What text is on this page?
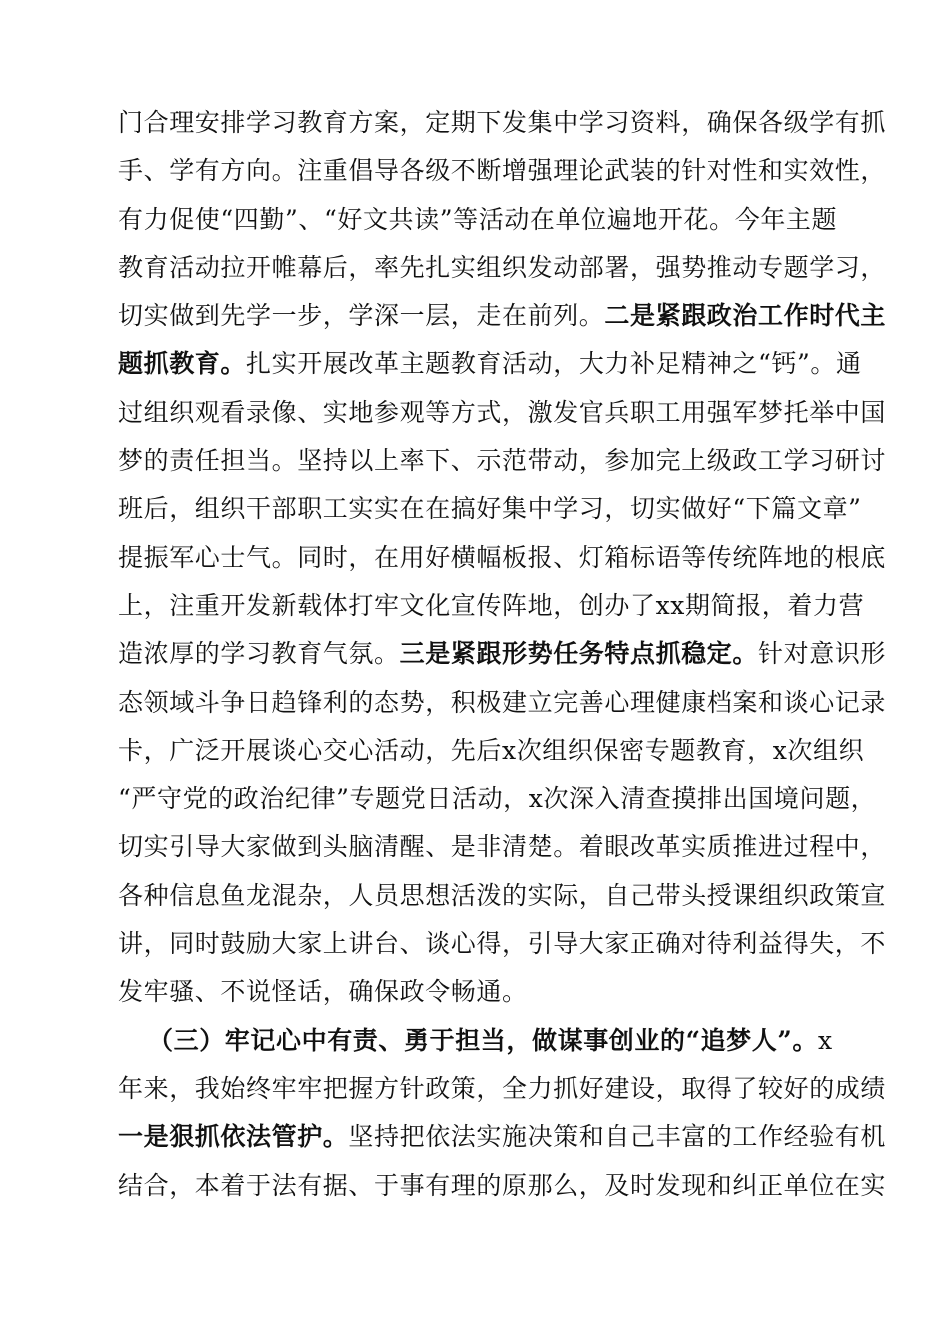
门合理安排学习教育方案，定期下发集中学习资料，确保各级学有抓
手、学有方向。注重倡导各级不断增强理论武装的针对性和实效性，
有力促使“四勤”、“好文共读”等活动在单位遍地开花。今年主题
教育活动拉开帷幕后，率先扎实组织发动部署，强势推动专题学习，
切实做到先学一步，学深一层，走在前列。二是紧跟政治工作时代主
题抓教育。扎实开展改革主题教育活动，大力补足精神之“钙”。通
过组织观看录像、实地参观等方式，激发官兵职工用强军梦托举中国
梦的责任担当。坚持以上率下、示范带动，参加完上级政工学习研讨
班后，组织干部职工实实在在搞好集中学习，切实做好“下篇文章”
提振军心士气。同时，在用好横幅板报、灯箱标语等传统阵地的根底
上，注重开发新载体打牢文化宣传阵地，创办了xx期简报，着力营
造浓厚的学习教育气氛。三是紧跟形势任务特点抓稳定。针对意识形
态领域斗争日趋锋利的态势，积极建立完善心理健康档案和谈心记录
卡，广泛开展谈心交心活动，先后x次组织保密专题教育，x次组织
“严守党的政治纪律”专题党日活动，x次深入清查摸排出国境问题，
切实引导大家做到头脑清醒、是非清楚。着眼改革实质推进过程中，
各种信息鱼龙混杂，人员思想活泼的实际，自己带头授课组织政策宣
讲，同时鼓励大家上讲台、谈心得，引导大家正确对待利益得失，不
发牢骚、不说怪话，确保政令畅通。
（三）牢记心中有责、勇于担当，做谋事创业的“追梦人”。x
年来，我始终牢牢把握方针政策，全力抓好建设，取得了较好的成绩
一是狠抓依法管护。坚持把依法实施决策和自己丰富的工作经验有机
结合，本着于法有据、于事有理的原那么，及时发现和纠正单位在实
